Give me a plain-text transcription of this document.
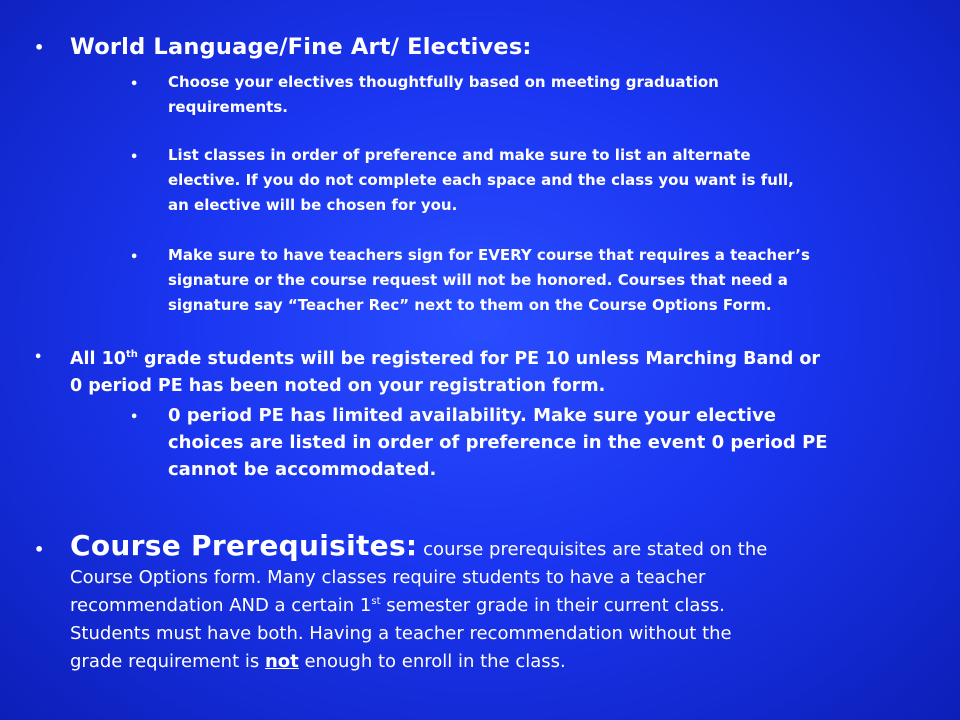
• World Language/Fine Art/ Electives:
• Choose your electives thoughtfully based on meeting graduation
requirements.
• List classes in order of preference and make sure to list an alternate
elective. If you do not complete each space and the class you want is full,
an elective will be chosen for you.
• Make sure to have teachers sign for EVERY course that requires a teacher’s
signature or the course request will not be honored. Courses that need a
signature say “Teacher Rec” next to them on the Course Options Form.
• All 10th grade students will be registered for PE 10 unless Marching Band or
0 period PE has been noted on your registration form.
• 0 period PE has limited availability. Make sure your elective
choices are listed in order of preference in the event 0 period PE
cannot be accommodated.
• Course Prerequisites: course prerequisites are stated on the
Course Options form. Many classes require students to have a teacher
recommendation AND a certain 1st semester grade in their current class.
Students must have both. Having a teacher recommendation without the
grade requirement is not enough to enroll in the class.
